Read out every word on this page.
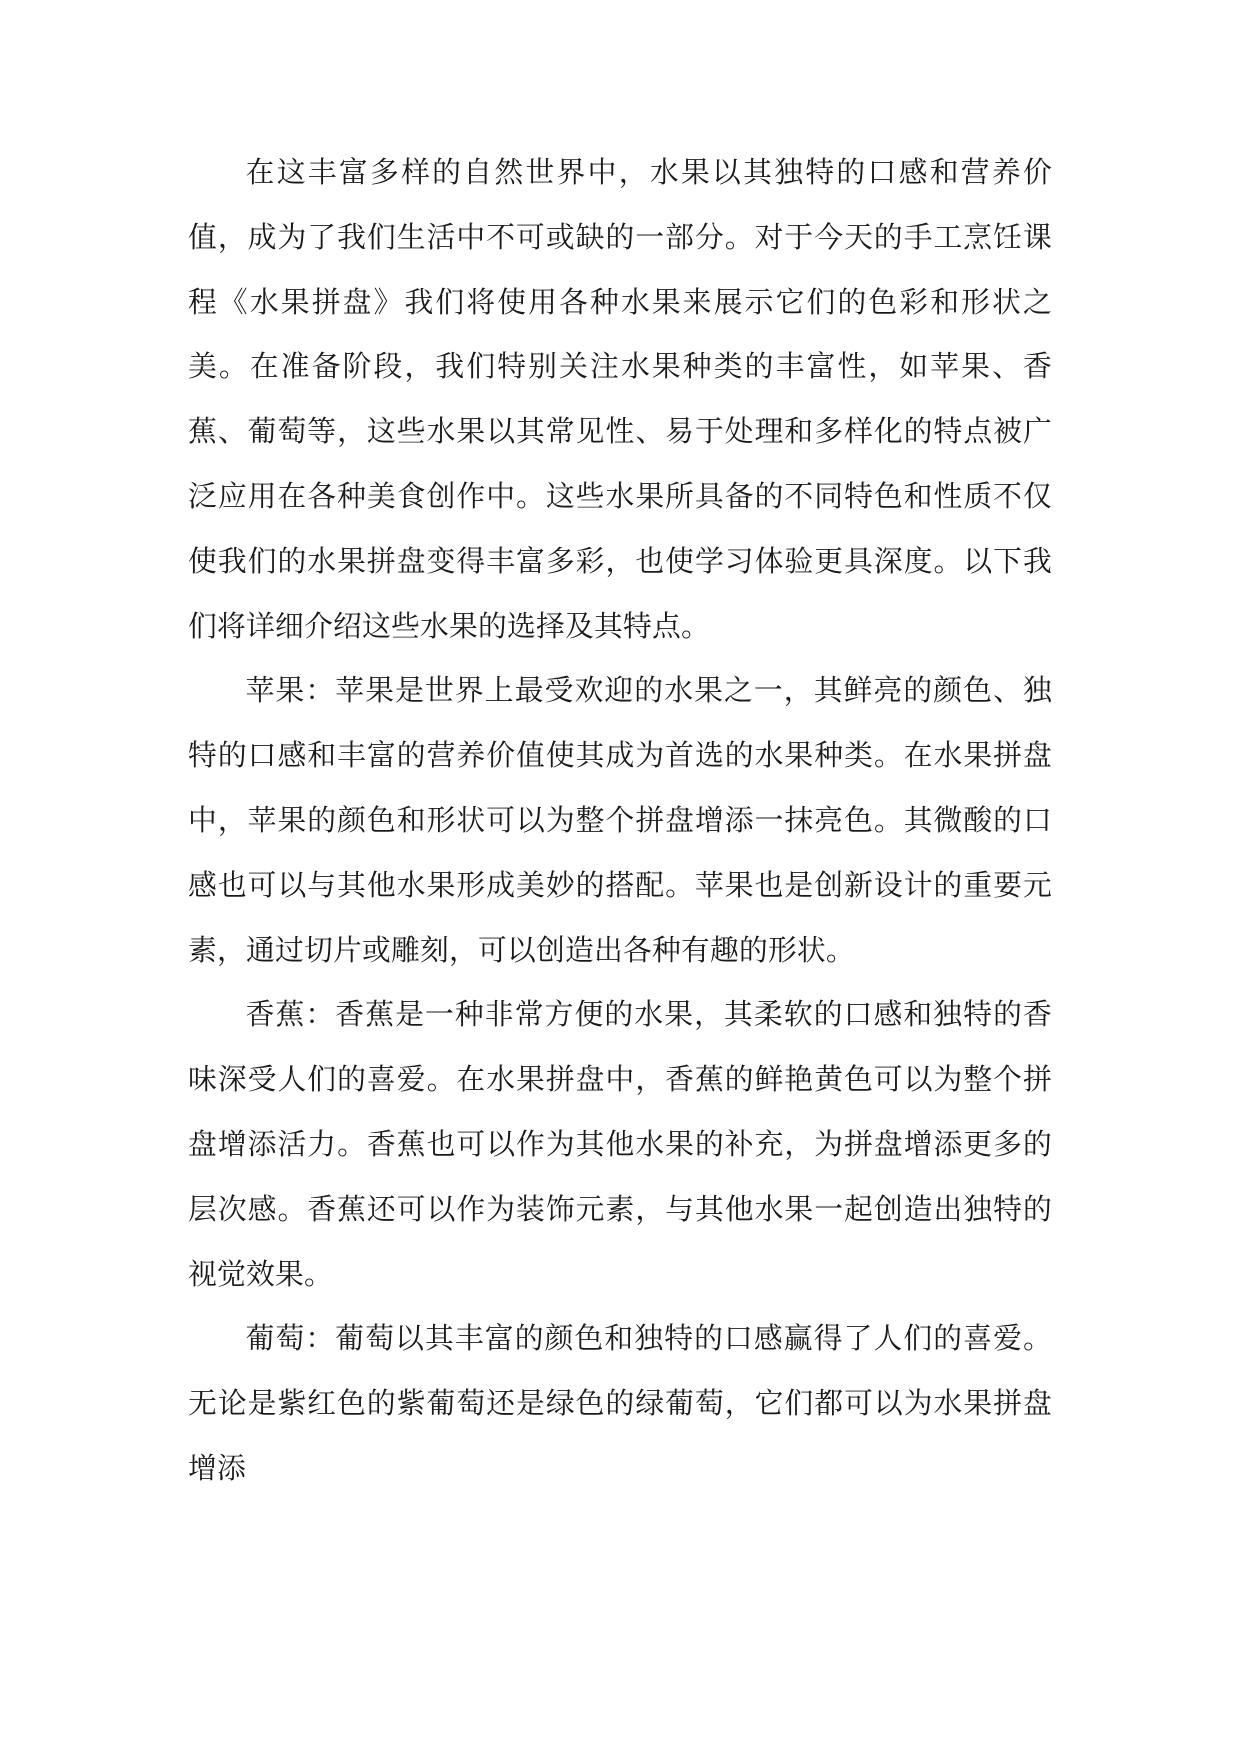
在这丰富多样的自然世界中，水果以其独特的口感和营养价值，成为了我们生活中不可或缺的一部分。对于今天的手工烹饪课程《水果拼盘》我们将使用各种水果来展示它们的色彩和形状之美。在准备阶段，我们特别关注水果种类的丰富性，如苹果、香蕉、葡萄等，这些水果以其常见性、易于处理和多样化的特点被广泛应用在各种美食创作中。这些水果所具备的不同特色和性质不仅使我们的水果拼盘变得丰富多彩，也使学习体验更具深度。以下我们将详细介绍这些水果的选择及其特点。

苹果：苹果是世界上最受欢迎的水果之一，其鲜亮的颜色、独特的口感和丰富的营养价值使其成为首选的水果种类。在水果拼盘中，苹果的颜色和形状可以为整个拼盘增添一抹亮色。其微酸的口感也可以与其他水果形成美妙的搭配。苹果也是创新设计的重要元素，通过切片或雕刻，可以创造出各种有趣的形状。

香蕉：香蕉是一种非常方便的水果，其柔软的口感和独特的香味深受人们的喜爱。在水果拼盘中，香蕉的鲜艳黄色可以为整个拼盘增添活力。香蕉也可以作为其他水果的补充，为拼盘增添更多的层次感。香蕉还可以作为装饰元素，与其他水果一起创造出独特的视觉效果。

葡萄：葡萄以其丰富的颜色和独特的口感赢得了人们的喜爱。无论是紫红色的紫葡萄还是绿色的绿葡萄，它们都可以为水果拼盘增添
